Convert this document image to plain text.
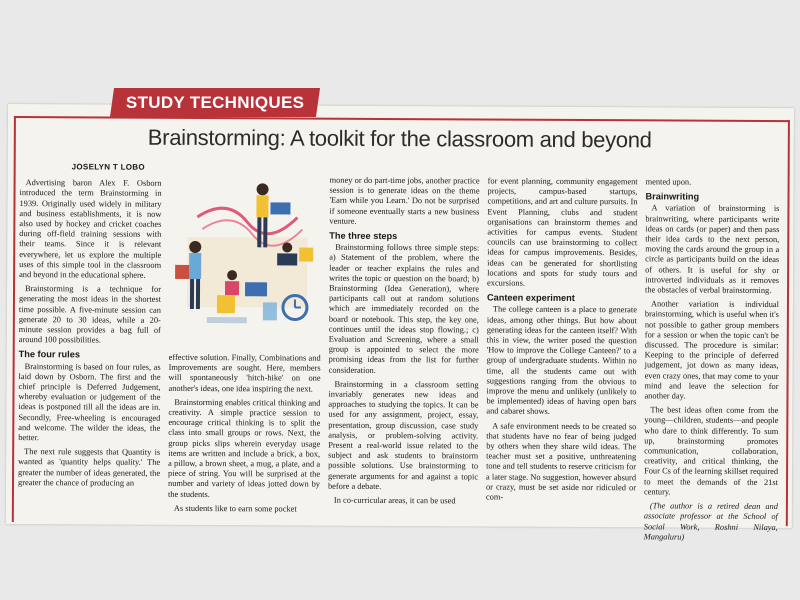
Brainstorming: A toolkit for the classroom and beyond
JOSELYN T LOBO

Advertising baron Alex F. Osborn introduced the term Brainstorming in 1939. Originally used widely in military and business establishments, it is now also used by hockey and cricket coaches during off-field training sessions with their teams. Since it is relevant everywhere, let us explore the multiple uses of this simple tool in the classroom and beyond in the educational sphere.

Brainstorming is a technique for generating the most ideas in the shortest time possible. A five-minute session can generate 20 to 30 ideas, while a 20-minute session provides a bag full of around 100 possibilities.

The four rules

Brainstorming is based on four rules, as laid down by Osborn. The first and the chief principle is Deferred Judgement, whereby evaluation or judgement of the ideas is postponed till all the ideas are in. Secondly, Free-wheeling is encouraged and welcome. The wilder the ideas, the better.

The next rule suggests that Quantity is wanted as 'quantity helps quality.' The greater the number of ideas generated, the greater the chance of producing an

effective solution. Finally, Combinations and Improvements are sought. Here, members will spontaneously 'hitch-hike' on one another's ideas, one idea inspiring the next.

Brainstorming enables critical thinking and creativity. A simple practice session to encourage critical thinking is to split the class into small groups or rows. Next, the group picks slips wherein everyday usage items are written and include a brick, a box, a pillow, a brown sheet, a mug, a plate, and a piece of string. You will be surprised at the number and variety of ideas jotted down by the students.

As students like to earn some pocket

money or do part-time jobs, another practice session is to generate ideas on the theme 'Earn while you Learn.' Do not be surprised if someone eventually starts a new business venture.

The three steps

Brainstorming follows three simple steps: a) Statement of the problem, where the leader or teacher explains the rules and writes the topic or question on the board; b) Brainstorming (Idea Generation), where participants call out at random solutions which are immediately recorded on the board or notebook. This step, the key one, continues until the ideas stop flowing.; c) Evaluation and Screening, where a small group is appointed to select the more promising ideas from the list for further consideration.

Brainstorming in a classroom setting invariably generates new ideas and approaches to studying the topics. It can be used for any assignment, project, essay, presentation, group discussion, case study analysis, or problem-solving activity. Present a real-world issue related to the subject and ask students to brainstorm possible solutions. Use brainstorming to generate arguments for and against a topic before a debate.

In co-curricular areas, it can be used

for event planning, community engagement projects, campus-based startups, competitions, and art and culture pursuits. In Event Planning, clubs and student organisations can brainstorm themes and activities for campus events. Student councils can use brainstorming to collect ideas for campus improvements. Besides, ideas can be generated for shortlisting locations and spots for study tours and excursions.

Canteen experiment

The college canteen is a place to generate ideas, among other things. But how about generating ideas for the canteen itself? With this in view, the writer posed the question 'How to improve the College Canteen?' to a group of undergraduate students. Within no time, all the students came out with suggestions ranging from the obvious to improve the menu and unlikely (unlikely to be implemented) ideas of having open bars and cabaret shows.

A safe environment needs to be created so that students have no fear of being judged by others when they share wild ideas. The teacher must set a positive, unthreatening tone and tell students to reserve criticism for a later stage. No suggestion, however absurd or crazy, must be set aside nor ridiculed or com-

mented upon.

Brainwriting

A variation of brainstorming is brainwriting, where participants write ideas on cards (or paper) and then pass their idea cards to the next person, moving the cards around the group in a circle as participants build on the ideas of others. It is useful for shy or introverted individuals as it removes the obstacles of verbal brainstorming.

Another variation is individual brainstorming, which is useful when it's not possible to gather group members for a session or when the topic can't be discussed. The procedure is similar: Keeping to the principle of deferred judgement, jot down as many ideas, even crazy ones, that may come to your mind and leave the selection for another day.

The best ideas often come from the young—children, students—and people who dare to think differently. To sum up, brainstorming promotes communication, collaboration, creativity, and critical thinking, the Four Cs of the learning skillset required to meet the demands of the 21st century.

(The author is a retired dean and associate professor at the School of Social Work, Roshni Nilaya, Mangaluru)

STUDY TECHNIQUES
